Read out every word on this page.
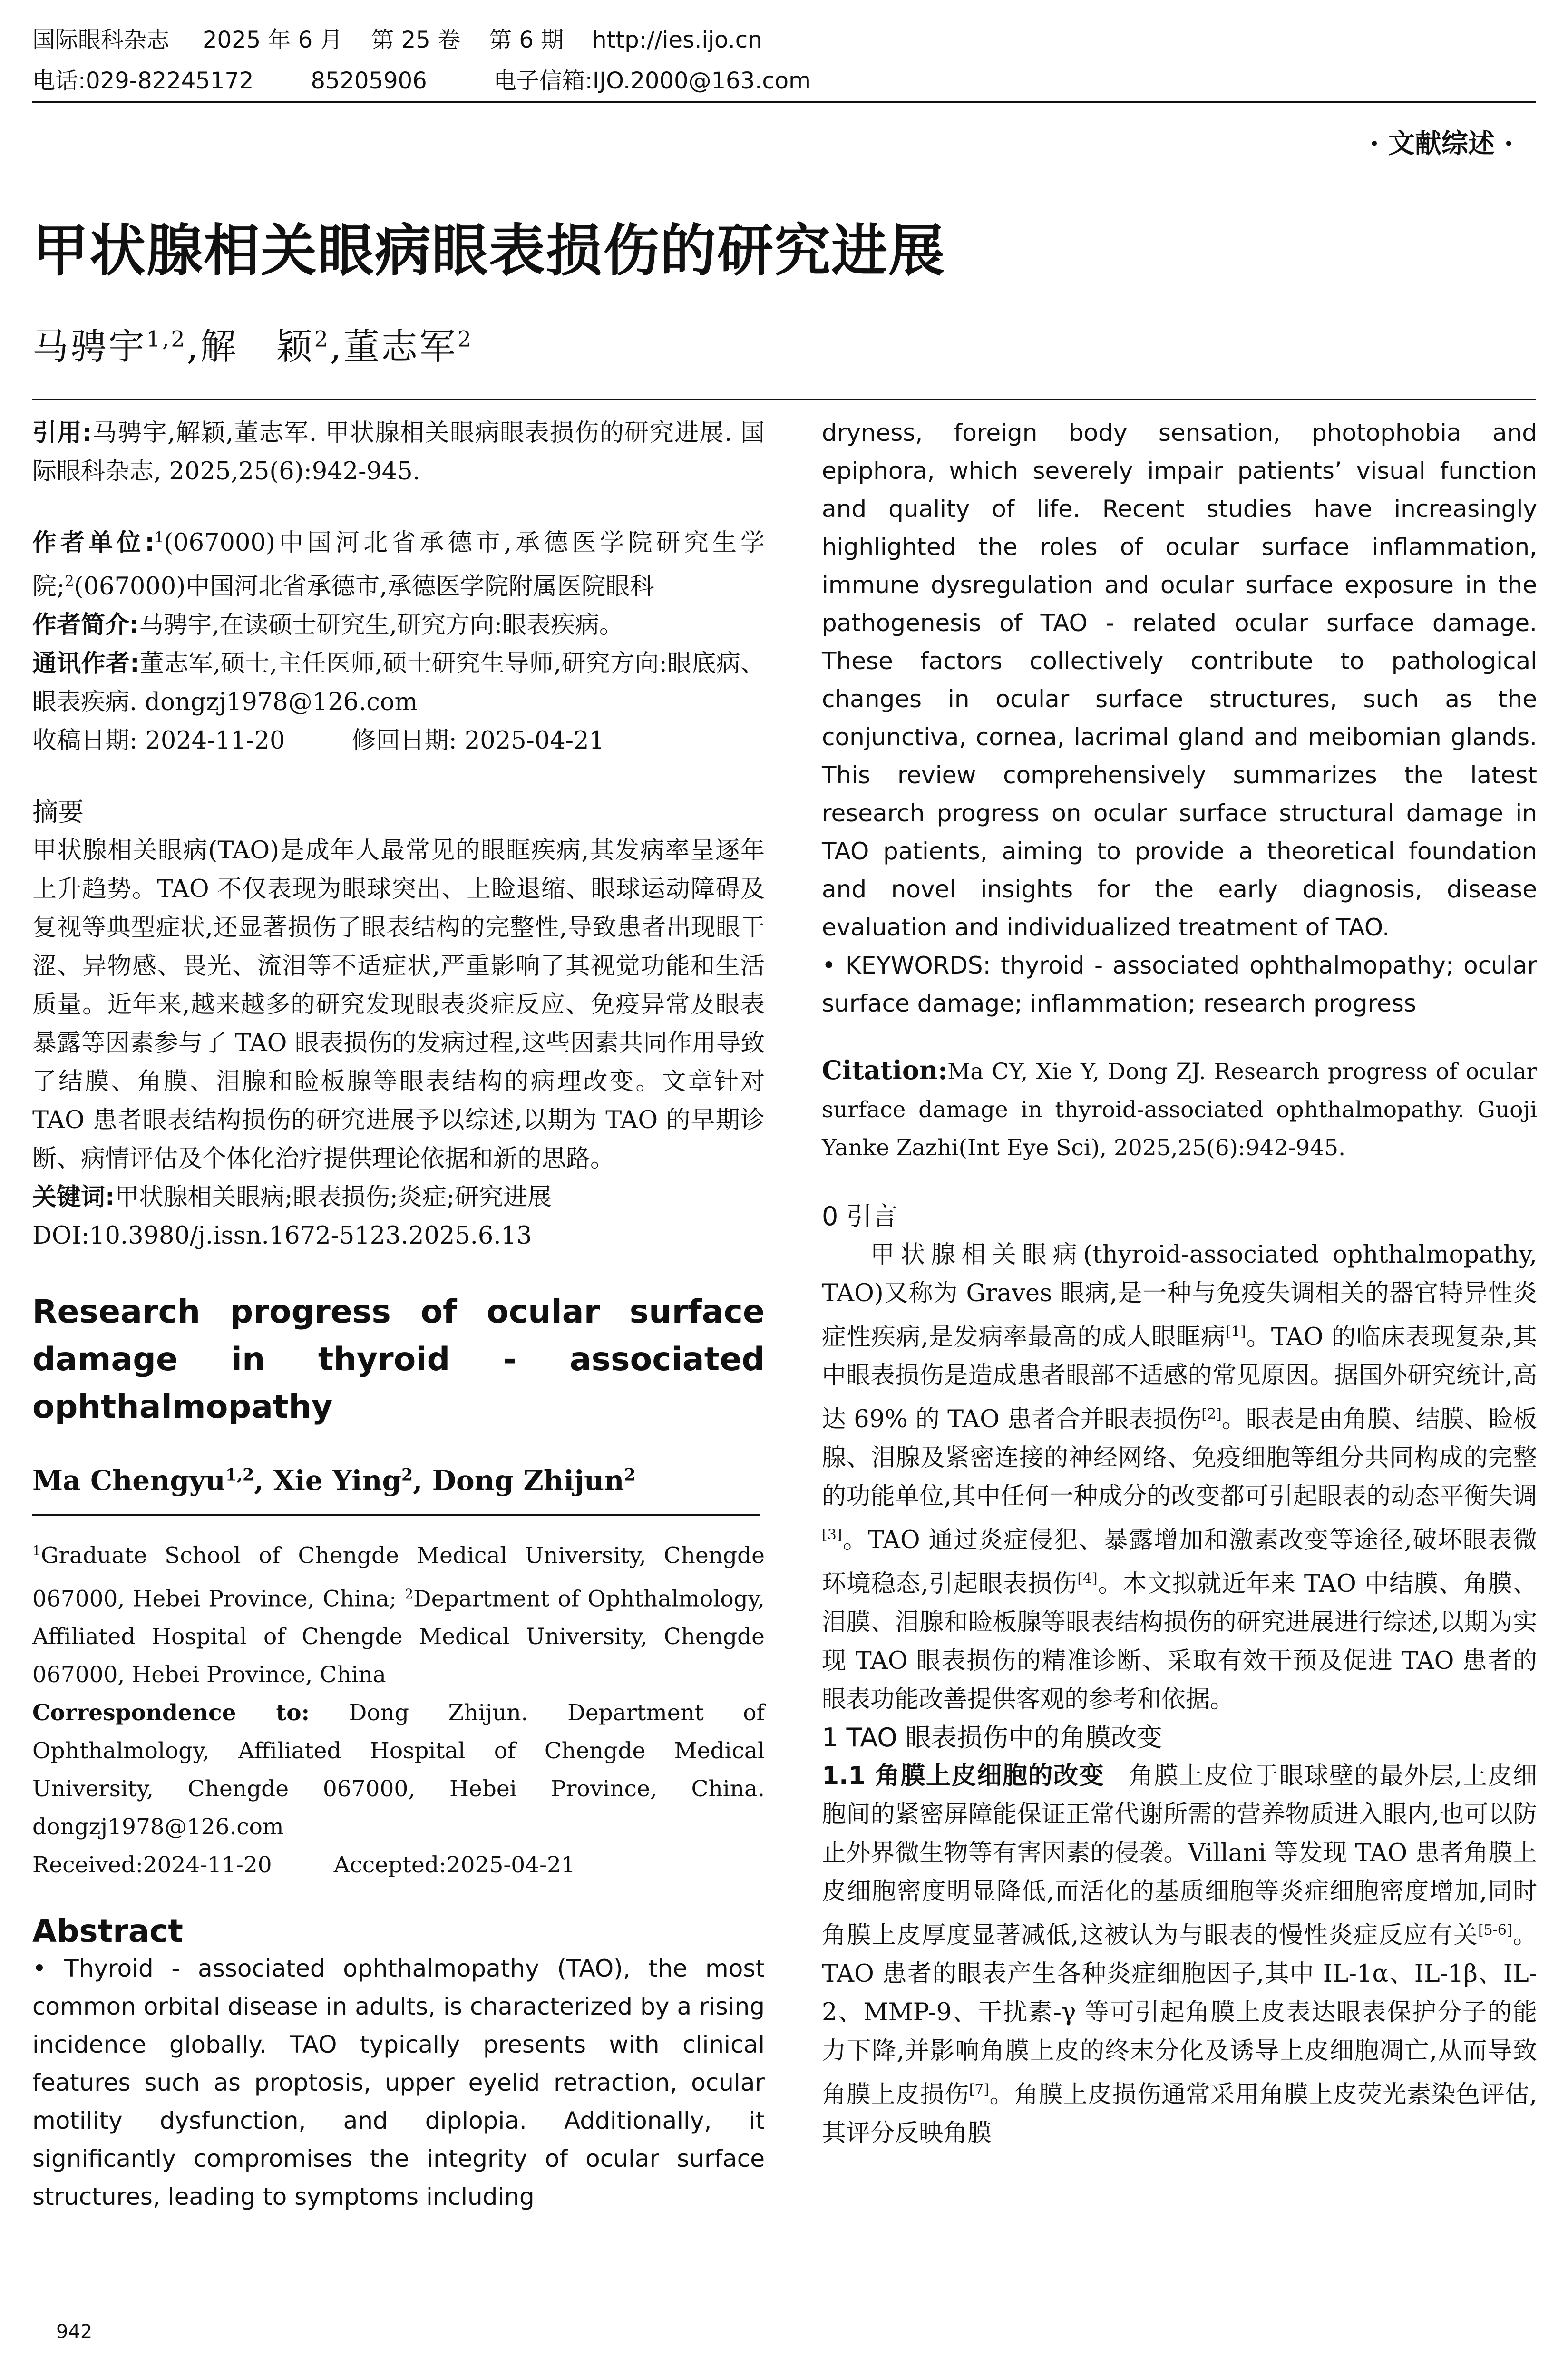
国际眼科杂志 2025 年 6 月 第 25 卷 第 6 期 http://ies.ijo.cn
电话:029-82245172	85205906	电子信箱:IJO.2000@163.com
· 文献综述 ·
甲状腺相关眼病眼表损伤的研究进展
马骋宇$^{1,2}$,解　颖$^2$,董志军$^2$

引用:马骋宇,解颖,董志军. 甲状腺相关眼病眼表损伤的研究进展. 国际眼科杂志, 2025,25(6):942-945.

作者单位:$^1$(067000)中国河北省承德市,承德医学院研究生学院;$^2$(067000)中国河北省承德市,承德医学院附属医院眼科

作者简介:马骋宇,在读硕士研究生,研究方向:眼表疾病。

通讯作者:董志军,硕士,主任医师,硕士研究生导师,研究方向:眼底病、眼表疾病. dongzj1978@126.com

收稿日期: 2024-11-20	修回日期: 2025-04-21

摘要

甲状腺相关眼病(TAO)是成年人最常见的眼眶疾病,其发病率呈逐年上升趋势。TAO 不仅表现为眼球突出、上睑退缩、眼球运动障碍及复视等典型症状,还显著损伤了眼表结构的完整性,导致患者出现眼干涩、异物感、畏光、流泪等不适症状,严重影响了其视觉功能和生活质量。近年来,越来越多的研究发现眼表炎症反应、免疫异常及眼表暴露等因素参与了 TAO 眼表损伤的发病过程,这些因素共同作用导致了结膜、角膜、泪腺和睑板腺等眼表结构的病理改变。文章针对 TAO 患者眼表结构损伤的研究进展予以综述,以期为 TAO 的早期诊断、病情评估及个体化治疗提供理论依据和新的思路。

关键词:甲状腺相关眼病;眼表损伤;炎症;研究进展

DOI:10.3980/j.issn.1672-5123.2025.6.13

Research progress of ocular surface damage in thyroid - associated ophthalmopathy

Ma Chengyu$^{1,2}$, Xie Ying$^2$, Dong Zhijun$^2$

$^1$Graduate School of Chengde Medical University, Chengde 067000, Hebei Province, China; $^2$Department of Ophthalmology, Affiliated Hospital of Chengde Medical University, Chengde 067000, Hebei Province, China

Correspondence to: Dong Zhijun. Department of Ophthalmology, Affiliated Hospital of Chengde Medical University, Chengde 067000, Hebei Province, China. dongzj1978@126.com

Received:2024-11-20	Accepted:2025-04-21

Abstract

• Thyroid - associated ophthalmopathy (TAO), the most common orbital disease in adults, is characterized by a rising incidence globally. TAO typically presents with clinical features such as proptosis, upper eyelid retraction, ocular motility dysfunction, and diplopia. Additionally, it significantly compromises the integrity of ocular surface structures, leading to symptoms including

dryness, foreign body sensation, photophobia and epiphora, which severely impair patients’ visual function and quality of life. Recent studies have increasingly highlighted the roles of ocular surface inflammation, immune dysregulation and ocular surface exposure in the pathogenesis of TAO - related ocular surface damage. These factors collectively contribute to pathological changes in ocular surface structures, such as the conjunctiva, cornea, lacrimal gland and meibomian glands. This review comprehensively summarizes the latest research progress on ocular surface structural damage in TAO patients, aiming to provide a theoretical foundation and novel insights for the early diagnosis, disease evaluation and individualized treatment of TAO.

• KEYWORDS: thyroid - associated ophthalmopathy; ocular surface damage; inflammation; research progress

Citation:Ma CY, Xie Y, Dong ZJ. Research progress of ocular surface damage in thyroid-associated ophthalmopathy. Guoji Yanke Zazhi(Int Eye Sci), 2025,25(6):942-945.

0 引言

甲状腺相关眼病(thyroid-associated ophthalmopathy, TAO)又称为 Graves 眼病,是一种与免疫失调相关的器官特异性炎症性疾病,是发病率最高的成人眼眶病[1]。TAO 的临床表现复杂,其中眼表损伤是造成患者眼部不适感的常见原因。据国外研究统计,高达 69% 的 TAO 患者合并眼表损伤[2]。眼表是由角膜、结膜、睑板腺、泪腺及紧密连接的神经网络、免疫细胞等组分共同构成的完整的功能单位,其中任何一种成分的改变都可引起眼表的动态平衡失调[3]。TAO 通过炎症侵犯、暴露增加和激素改变等途径,破坏眼表微环境稳态,引起眼表损伤[4]。本文拟就近年来 TAO 中结膜、角膜、泪膜、泪腺和睑板腺等眼表结构损伤的研究进展进行综述,以期为实现 TAO 眼表损伤的精准诊断、采取有效干预及促进 TAO 患者的眼表功能改善提供客观的参考和依据。

1 TAO 眼表损伤中的角膜改变

1.1 角膜上皮细胞的改变 角膜上皮位于眼球壁的最外层,上皮细胞间的紧密屏障能保证正常代谢所需的营养物质进入眼内,也可以防止外界微生物等有害因素的侵袭。Villani 等发现 TAO 患者角膜上皮细胞密度明显降低,而活化的基质细胞等炎症细胞密度增加,同时角膜上皮厚度显著减低,这被认为与眼表的慢性炎症反应有关[5-6]。TAO 患者的眼表产生各种炎症细胞因子,其中 IL-1α、IL-1β、IL-2、MMP-9、干扰素-γ 等可引起角膜上皮表达眼表保护分子的能力下降,并影响角膜上皮的终末分化及诱导上皮细胞凋亡,从而导致角膜上皮损伤[7]。角膜上皮损伤通常采用角膜上皮荧光素染色评估,其评分反映角膜

942
